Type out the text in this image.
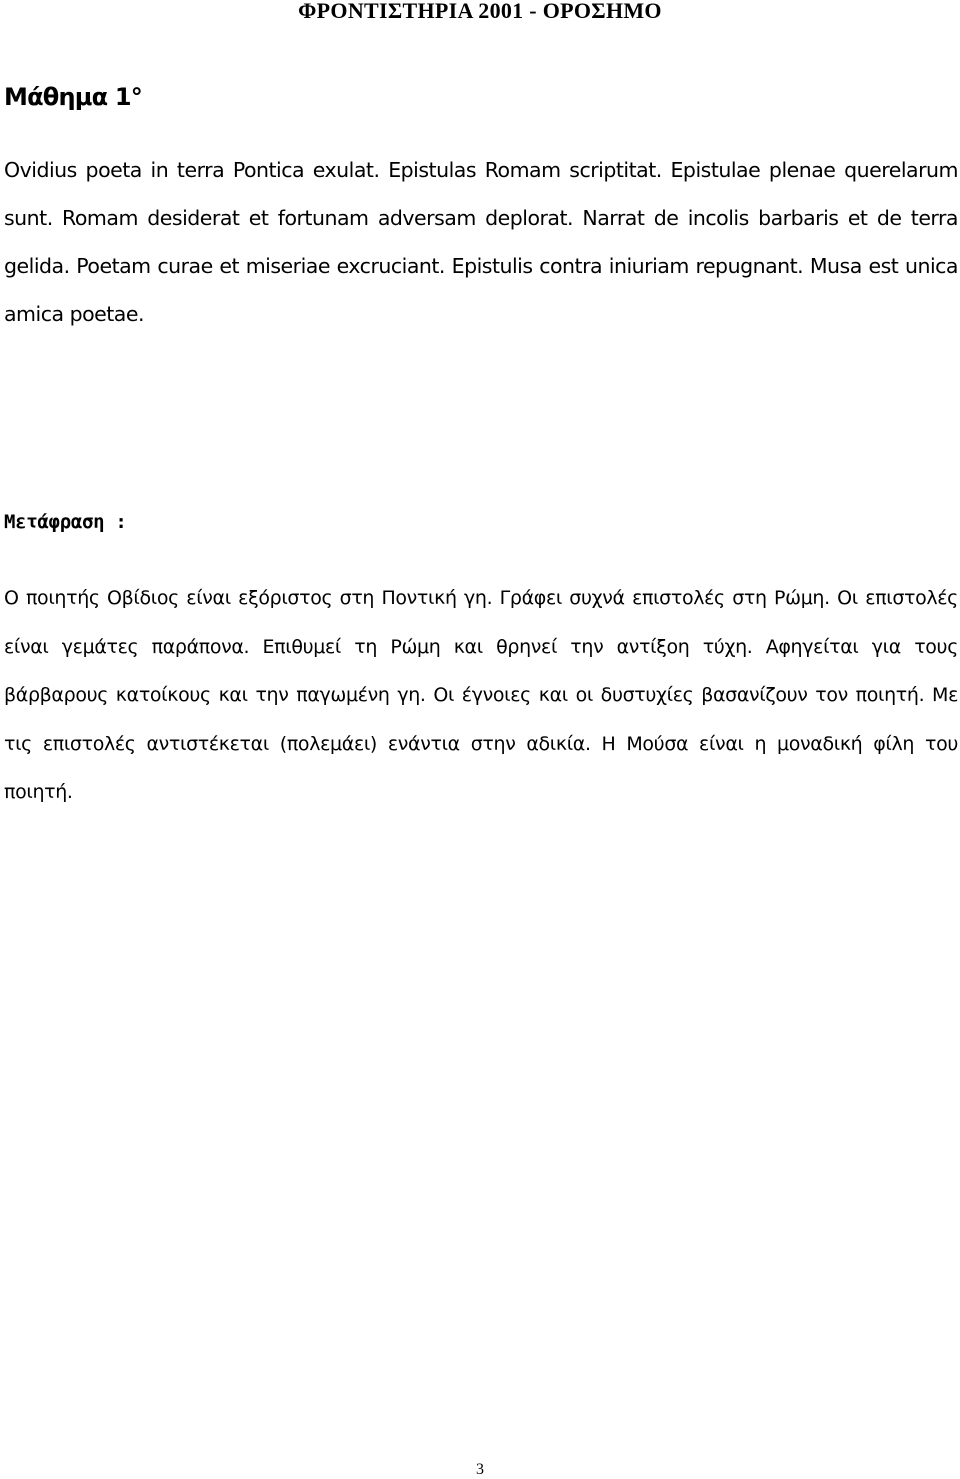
ΦΡΟΝΤΙΣΤΗΡΙΑ 2001 - ΟΡΟΣΗΜΟ
Μάθημα 1°

Ovidius poeta in terra Pontica exulat. Epistulas Romam scriptitat. Epistulae plenae querelarum sunt. Romam desiderat et fortunam adversam deplorat. Narrat de incolis barbaris et de terra gelida. Poetam curae et miseriae excruciant. Epistulis contra iniuriam repugnant. Musa est unica amica poetae.

Μετάφραση :

Ο ποιητής Οβίδιος είναι εξόριστος στη Ποντική γη. Γράφει συχνά επιστολές στη Ρώμη. Οι επιστολές είναι γεμάτες παράπονα. Επιθυμεί τη Ρώμη και θρηνεί την αντίξοη τύχη. Αφηγείται για τους βάρβαρους κατοίκους και την παγωμένη γη. Οι έγνοιες και οι δυστυχίες βασανίζουν τον ποιητή. Με τις επιστολές αντιστέκεται (πολεμάει) ενάντια στην αδικία. Η Μούσα είναι η μοναδική φίλη του ποιητή.

3
